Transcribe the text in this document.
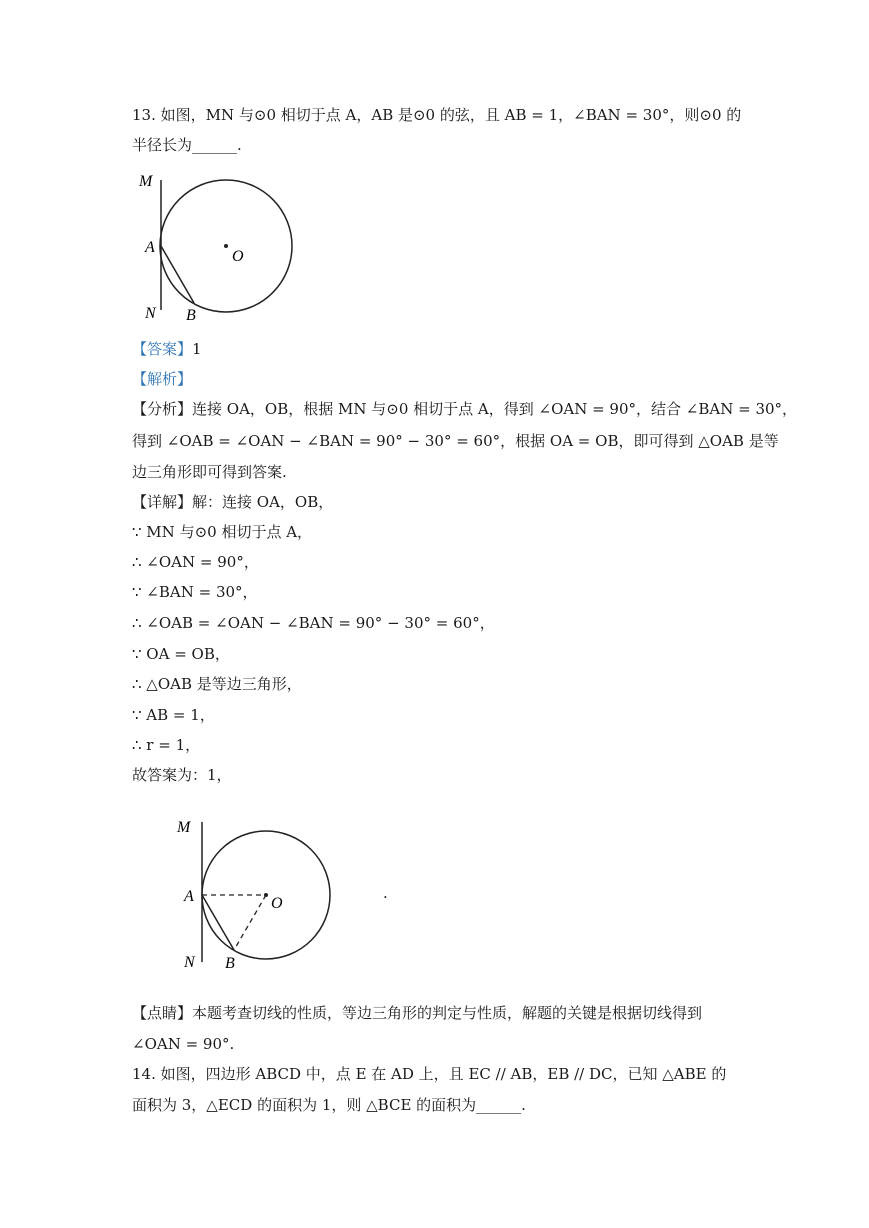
13. 如图，MN 与⊙0 相切于点 A，AB 是⊙0 的弦，且 AB = 1，∠BAN = 30°，则⊙0 的
半径长为______.
M
A
N B
O
【答案】1
【解析】
【分析】连接 OA，OB，根据 MN 与⊙0 相切于点 A，得到 ∠OAN = 90°，结合 ∠BAN = 30°，
得到 ∠OAB = ∠OAN − ∠BAN = 90° − 30° = 60°，根据 OA = OB，即可得到 △OAB 是等
边三角形即可得到答案.
【详解】解：连接 OA，OB，
∵ MN 与⊙0 相切于点 A，
∴ ∠OAN = 90°，
∵ ∠BAN = 30°，
∴ ∠OAB = ∠OAN − ∠BAN = 90° − 30° = 60°，
∵ OA = OB，
∴ △OAB 是等边三角形，
∵ AB = 1，
∴ r = 1，
故答案为：1，
M
A
N B
O
.
【点睛】本题考查切线的性质，等边三角形的判定与性质，解题的关键是根据切线得到
∠OAN = 90°.
14. 如图，四边形 ABCD 中，点 E 在 AD 上，且 EC // AB，EB // DC，已知 △ABE 的
面积为 3，△ECD 的面积为 1，则 △BCE 的面积为______.
